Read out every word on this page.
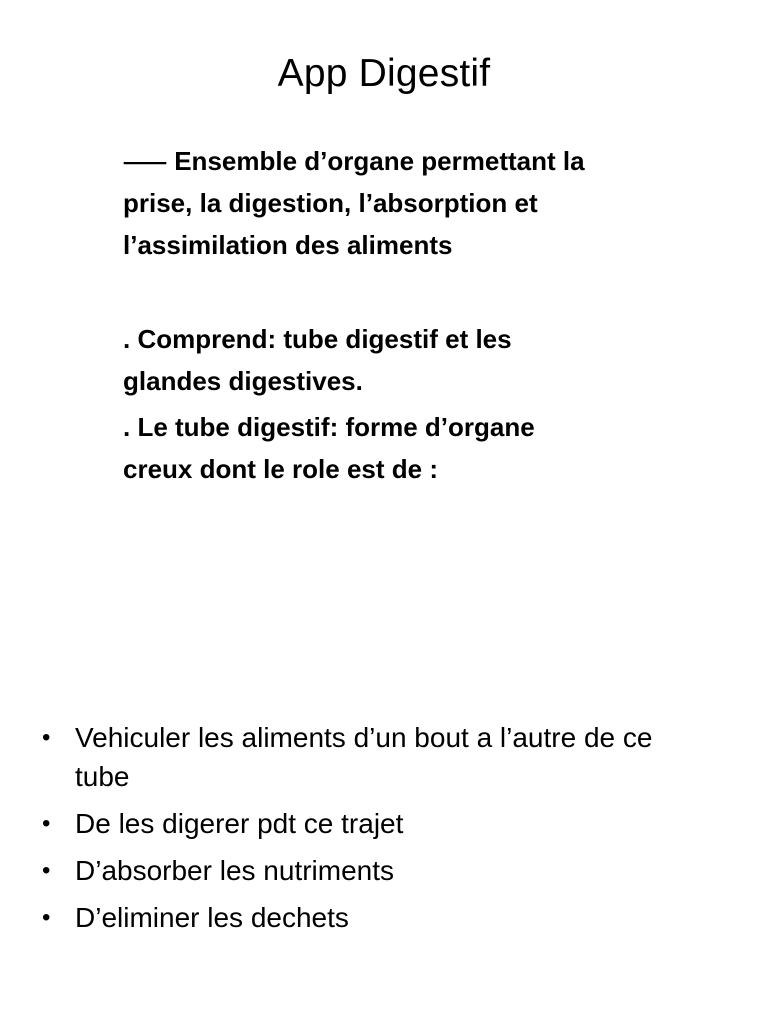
App Digestif
⸺ Ensemble d’organe permettant la
prise, la digestion, l’absorption et
l’assimilation des aliments
. Comprend: tube digestif et les
glandes digestives.
. Le tube digestif: forme d’organe
creux dont le role est de :
• Vehiculer les aliments d’un bout a l’autre de ce
tube
• De les digerer pdt ce trajet
• D’absorber les nutriments
• D’eliminer les dechets
